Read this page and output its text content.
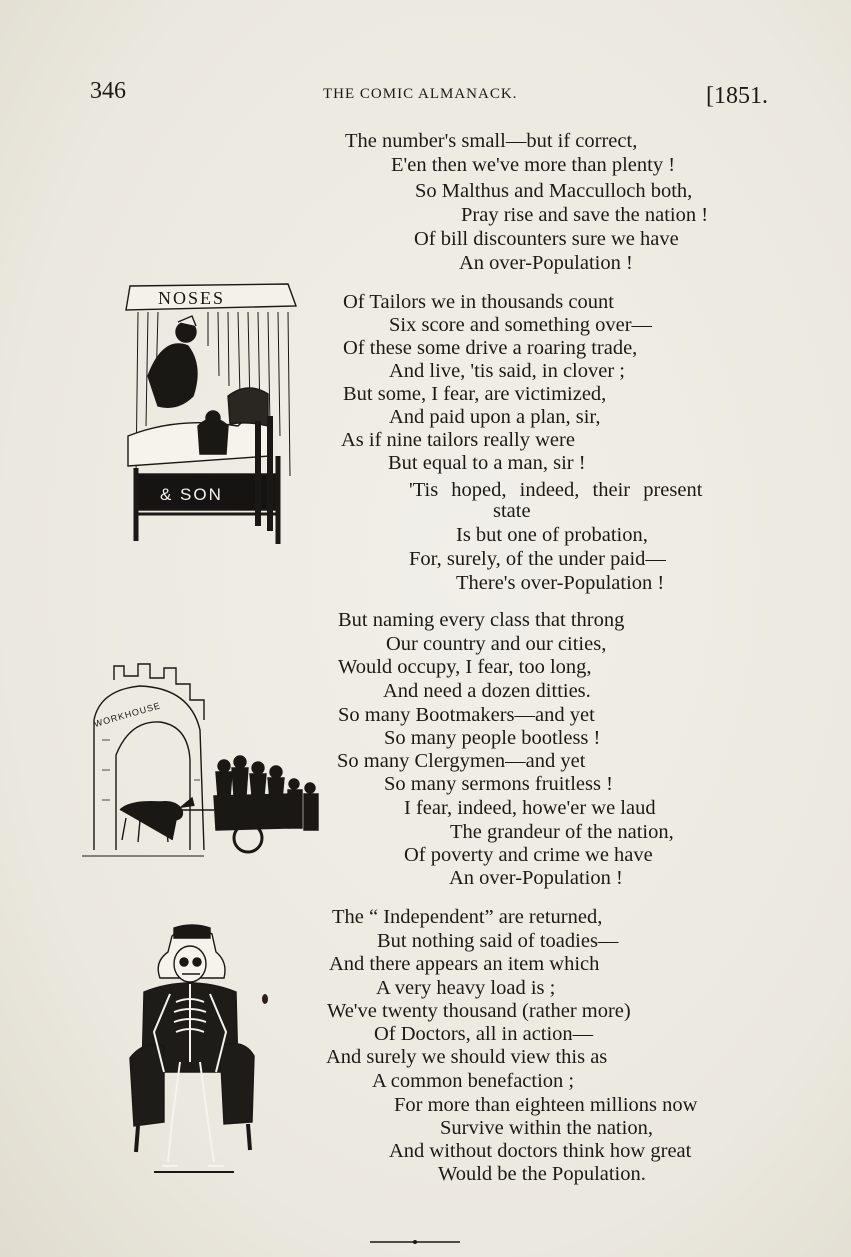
346	THE COMIC ALMANACK.	[1851.
The number's small—but if correct,
E'en then we've more than plenty !
So Malthus and Macculloch both,
Pray rise and save the nation !
Of bill discounters sure we have
An over-Population !
Of Tailors we in thousands count
Six score and something over—
Of these some drive a roaring trade,
And live, 'tis said, in clover ;
But some, I fear, are victimized,
And paid upon a plan, sir,
As if nine tailors really were
But equal to a man, sir !
'Tis hoped, indeed, their present
state
Is but one of probation,
For, surely, of the under paid—
There's over-Population !
But naming every class that throng
Our country and our cities,
Would occupy, I fear, too long,
And need a dozen ditties.
So many Bootmakers—and yet
So many people bootless !
So many Clergymen—and yet
So many sermons fruitless !
I fear, indeed, howe'er we laud
The grandeur of the nation,
Of poverty and crime we have
An over-Population !
The “ Independent” are returned,
But nothing said of toadies—
And there appears an item which
A very heavy load is ;
We've twenty thousand (rather more)
Of Doctors, all in action—
And surely we should view this as
A common benefaction ;
For more than eighteen millions now
Survive within the nation,
And without doctors think how great
Would be the Population.
NOSES
& SON
WORKHOUSE
